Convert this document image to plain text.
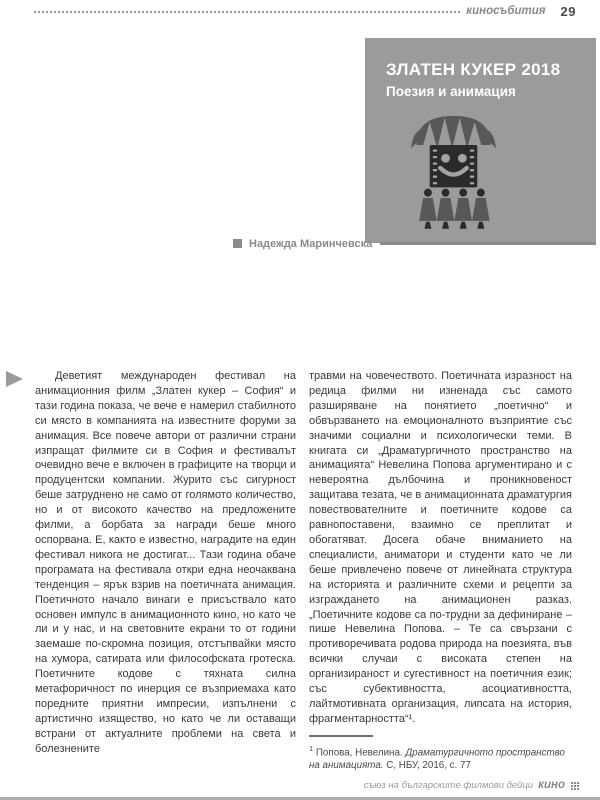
киносъбития 29
ЗЛАТЕН КУКЕР 2018
Поезия и анимация
Надежда Маринчевска
Деветият международен фестивал на анимационния филм „Златен кукер – София“ и тази година показа, че вече е намерил стабилното си място в компанията на известните форуми за анимация. Все повече автори от различни страни изпращат филмите си в София и фестивалът очевидно вече е включен в графиците на творци и продуцентски компании. Журито със сигурност беше затруднено не само от голямото количество, но и от високото качество на предложените филми, а борбата за награди беше много оспорвана. Е, както е известно, наградите на един фестивал никога не достигат... Тази година обаче програмата на фестивала откри една неочаквана тенденция – ярък взрив на поетичната анимация. Поетичното начало винаги е присъствало като основен импулс в анимационното кино, но като че ли и у нас, и на световните екрани то от години заемаше по-скромна позиция, отстъпвайки място на хумора, сатирата или философската гротеска. Поетичните кодове с тяхната силна метафоричност по инерция се възприемаха като поредните приятни импресии, изпълнени с артистично изящество, но като че ли оставащи встрани от актуалните проблеми на света и болезнените
травми на човечеството. Поетичната изразност на редица филми ни изненада със самото разширяване на понятието „поетично“ и обвързването на емоционалното възприятие със значими социални и психологически теми. В книгата си „Драматургичното пространство на анимацията“ Невелина Попова аргументирано и с невероятна дълбочина и проникновеност защитава тезата, че в анимационната драматургия повествователните и поетичните кодове са равнопоставени, взаимно се преплитат и обогатяват. Досега обаче вниманието на специалисти, аниматори и студенти като че ли беше привлечено повече от линейната структура на историята и различните схеми и рецепти за изграждането на анимационен разказ. „Поетичните кодове са по-трудни за дефиниране – пише Невелина Попова. – Те са свързани с противоречивата родова природа на поезията, във всички случаи с високата степен на организираност и сугестивност на поетичния език; със субективността, асоциативността, лайтмотивната организация, липсата на история, фрагментарността“¹.
$^1$ Попова, Невелина. Драматургичното пространство на анимацията. С, НБУ, 2016, с. 77
съюз на българските филмови дейци кино
